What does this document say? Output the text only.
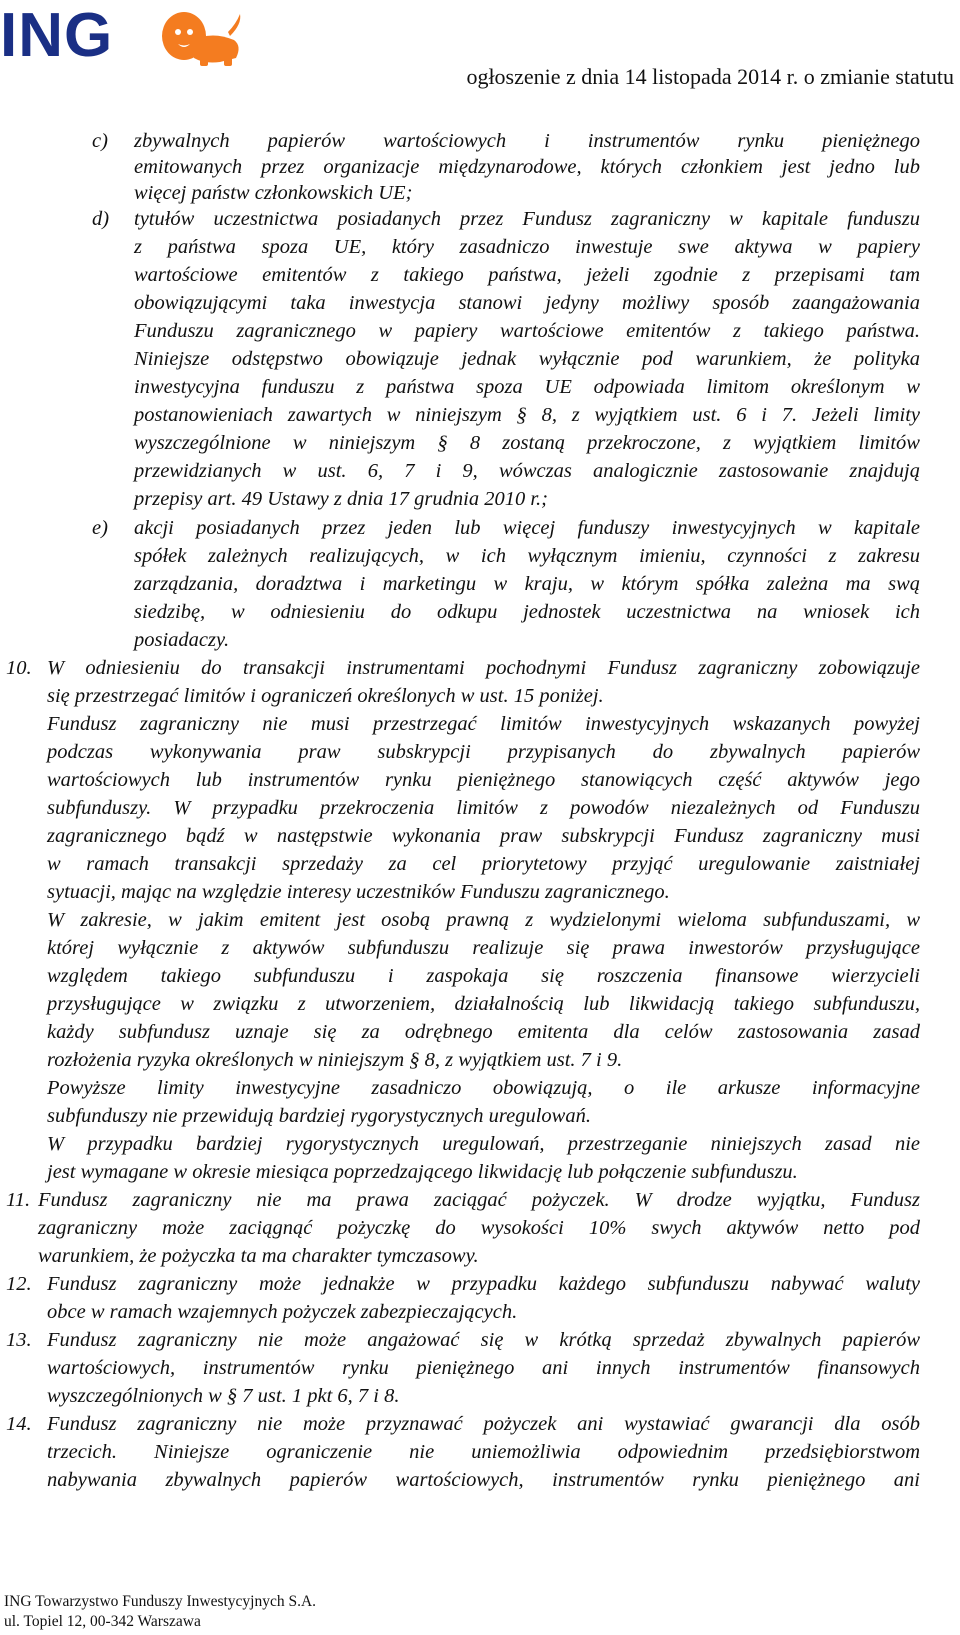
ING
ogłoszenie z dnia 14 listopada 2014 r. o zmianie statutu
c) zbywalnych papierów wartościowych i instrumentów rynku pieniężnego
emitowanych przez organizacje międzynarodowe, których członkiem jest jedno lub
więcej państw członkowskich UE;
d) tytułów uczestnictwa posiadanych przez Fundusz zagraniczny w kapitale funduszu
z państwa spoza UE, który zasadniczo inwestuje swe aktywa w papiery
wartościowe emitentów z takiego państwa, jeżeli zgodnie z przepisami tam
obowiązującymi taka inwestycja stanowi jedyny możliwy sposób zaangażowania
Funduszu zagranicznego w papiery wartościowe emitentów z takiego państwa.
Niniejsze odstępstwo obowiązuje jednak wyłącznie pod warunkiem, że polityka
inwestycyjna funduszu z państwa spoza UE odpowiada limitom określonym w
postanowieniach zawartych w niniejszym § 8, z wyjątkiem ust. 6 i 7. Jeżeli limity
wyszczególnione w niniejszym § 8 zostaną przekroczone, z wyjątkiem limitów
przewidzianych w ust. 6, 7 i 9, wówczas analogicznie zastosowanie znajdują
przepisy art. 49 Ustawy z dnia 17 grudnia 2010 r.;
e) akcji posiadanych przez jeden lub więcej funduszy inwestycyjnych w kapitale
spółek zależnych realizujących, w ich wyłącznym imieniu, czynności z zakresu
zarządzania, doradztwa i marketingu w kraju, w którym spółka zależna ma swą
siedzibę, w odniesieniu do odkupu jednostek uczestnictwa na wniosek ich
posiadaczy.
10. W odniesieniu do transakcji instrumentami pochodnymi Fundusz zagraniczny zobowiązuje
się przestrzegać limitów i ograniczeń określonych w ust. 15 poniżej.
Fundusz zagraniczny nie musi przestrzegać limitów inwestycyjnych wskazanych powyżej
podczas wykonywania praw subskrypcji przypisanych do zbywalnych papierów
wartościowych lub instrumentów rynku pieniężnego stanowiących część aktywów jego
subfunduszy. W przypadku przekroczenia limitów z powodów niezależnych od Funduszu
zagranicznego bądź w następstwie wykonania praw subskrypcji Fundusz zagraniczny musi
w ramach transakcji sprzedaży za cel priorytetowy przyjąć uregulowanie zaistniałej
sytuacji, mając na względzie interesy uczestników Funduszu zagranicznego.
W zakresie, w jakim emitent jest osobą prawną z wydzielonymi wieloma subfunduszami, w
której wyłącznie z aktywów subfunduszu realizuje się prawa inwestorów przysługujące
względem takiego subfunduszu i zaspokaja się roszczenia finansowe wierzycieli
przysługujące w związku z utworzeniem, działalnością lub likwidacją takiego subfunduszu,
każdy subfundusz uznaje się za odrębnego emitenta dla celów zastosowania zasad
rozłożenia ryzyka określonych w niniejszym § 8, z wyjątkiem ust. 7 i 9.
Powyższe limity inwestycyjne zasadniczo obowiązują, o ile arkusze informacyjne
subfunduszy nie przewidują bardziej rygorystycznych uregulowań.
W przypadku bardziej rygorystycznych uregulowań, przestrzeganie niniejszych zasad nie
jest wymagane w okresie miesiąca poprzedzającego likwidację lub połączenie subfunduszu.
11. Fundusz zagraniczny nie ma prawa zaciągać pożyczek. W drodze wyjątku, Fundusz
zagraniczny może zaciągnąć pożyczkę do wysokości 10% swych aktywów netto pod
warunkiem, że pożyczka ta ma charakter tymczasowy.
12. Fundusz zagraniczny może jednakże w przypadku każdego subfunduszu nabywać waluty
obce w ramach wzajemnych pożyczek zabezpieczających.
13. Fundusz zagraniczny nie może angażować się w krótką sprzedaż zbywalnych papierów
wartościowych, instrumentów rynku pieniężnego ani innych instrumentów finansowych
wyszczególnionych w § 7 ust. 1 pkt 6, 7 i 8.
14. Fundusz zagraniczny nie może przyznawać pożyczek ani wystawiać gwarancji dla osób
trzecich. Niniejsze ograniczenie nie uniemożliwia odpowiednim przedsiębiorstwom
nabywania zbywalnych papierów wartościowych, instrumentów rynku pieniężnego ani
ING Towarzystwo Funduszy Inwestycyjnych S.A.
ul. Topiel 12, 00-342 Warszawa
